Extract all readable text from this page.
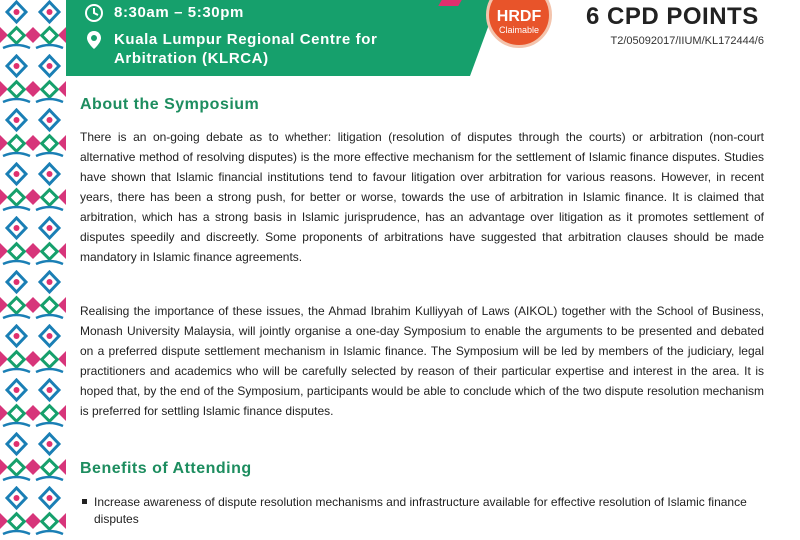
8:30am – 5:30pm
Kuala Lumpur Regional Centre for Arbitration (KLRCA)
HRDF
Claimable	6 CPD POINTS
T2/05092017/IIUM/KL172444/6
About the Symposium

There is an on-going debate as to whether: litigation (resolution of disputes through the courts) or arbitration (non-court alternative method of resolving disputes) is the more effective mechanism for the settlement of Islamic finance disputes. Studies have shown that Islamic financial institutions tend to favour litigation over arbitration for various reasons. However, in recent years, there has been a strong push, for better or worse, towards the use of arbitration in Islamic finance. It is claimed that arbitration, which has a strong basis in Islamic jurisprudence, has an advantage over litigation as it promotes settlement of disputes speedily and discreetly. Some proponents of arbitrations have suggested that arbitration clauses should be made mandatory in Islamic finance agreements.

Realising the importance of these issues, the Ahmad Ibrahim Kulliyyah of Laws (AIKOL) together with the School of Business, Monash University Malaysia, will jointly organise a one-day Symposium to enable the arguments to be presented and debated on a preferred dispute settlement mechanism in Islamic finance. The Symposium will be led by members of the judiciary, legal practitioners and academics who will be carefully selected by reason of their particular expertise and interest in the area. It is hoped that, by the end of the Symposium, participants would be able to conclude which of the two dispute resolution mechanism is preferred for settling Islamic finance disputes.

Benefits of Attending
Increase awareness of dispute resolution mechanisms and infrastructure available for effective resolution of Islamic finance disputes
